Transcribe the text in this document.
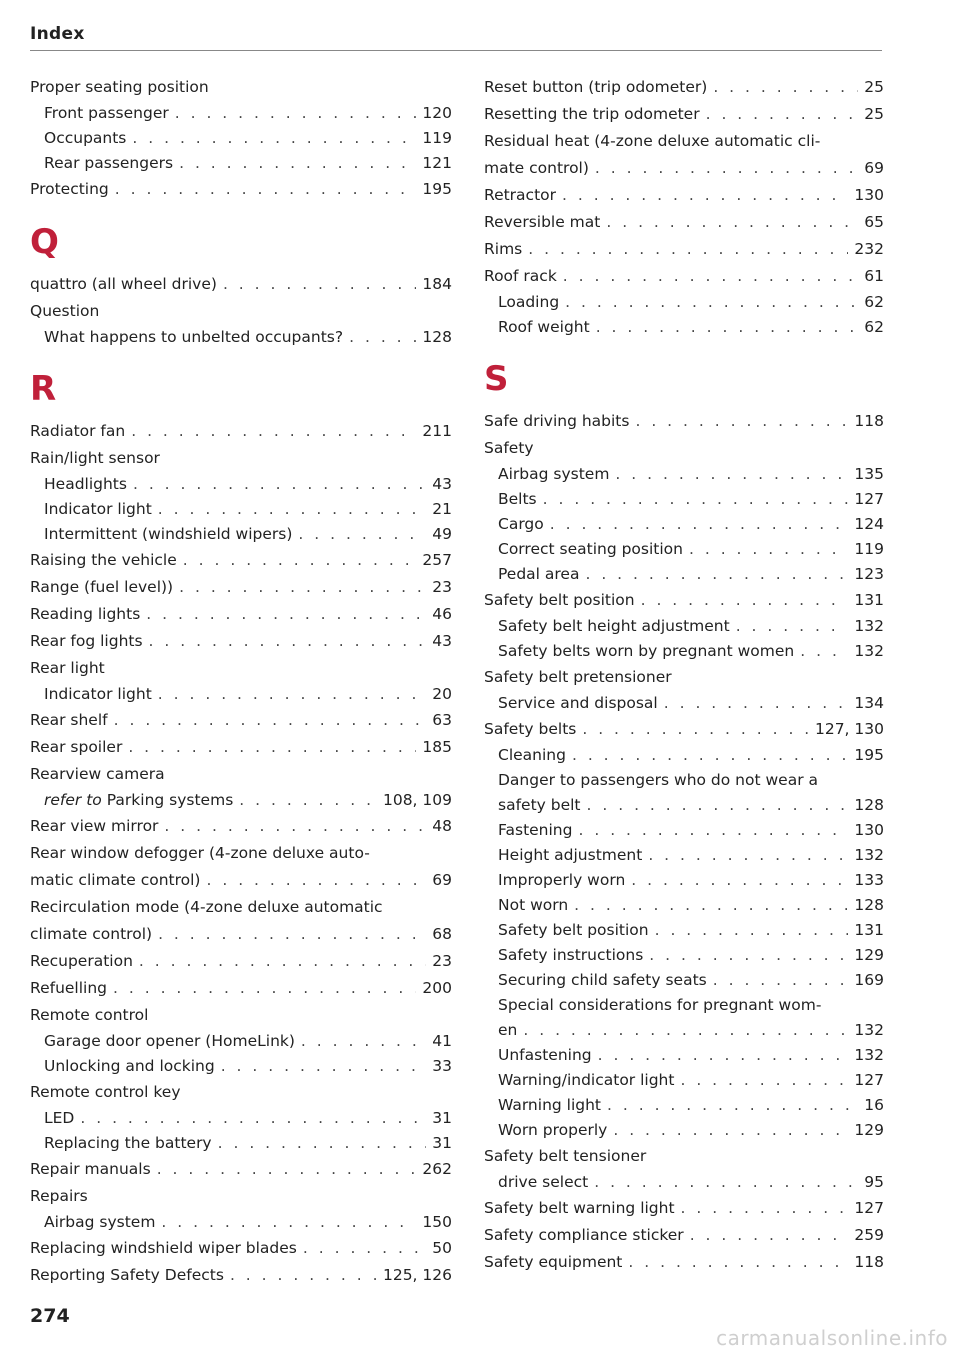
Index
Proper seating position
Front passenger . . .	120
Occupants . . .	119
Rear passengers . . .	121
Protecting . . .	195
Q
quattro (all wheel drive) . . .	184
Question
What happens to unbelted occupants? . . .	128
R
Radiator fan . . .	211
Rain/light sensor
Headlights . . .	43
Indicator light . . .	21
Intermittent (windshield wipers) . . .	49
Raising the vehicle . . .	257
Range (fuel level)) . . .	23
Reading lights . . .	46
Rear fog lights . . .	43
Rear light
Indicator light . . .	20
Rear shelf . . .	63
Rear spoiler . . .	185
Rearview camera
refer to Parking systems . . .	108, 109
Rear view mirror . . .	48
Rear window defogger (4-zone deluxe auto-
matic climate control) . . .	69
Recirculation mode (4-zone deluxe automatic
climate control) . . .	68
Recuperation . . .	23
Refuelling . . .	200
Remote control
Garage door opener (HomeLink) . . .	41
Unlocking and locking . . .	33
Remote control key
LED . . .	31
Replacing the battery . . .	31
Repair manuals . . .	262
Repairs
Airbag system . . .	150
Replacing windshield wiper blades . . .	50
Reporting Safety Defects . . .	125, 126
Reset button (trip odometer) . . .	25
Resetting the trip odometer . . .	25
Residual heat (4-zone deluxe automatic cli-
mate control) . . .	69
Retractor . . .	130
Reversible mat . . .	65
Rims . . .	232
Roof rack . . .	61
Loading . . .	62
Roof weight . . .	62
S
Safe driving habits . . .	118
Safety
Airbag system . . .	135
Belts . . .	127
Cargo . . .	124
Correct seating position . . .	119
Pedal area . . .	123
Safety belt position . . .	131
Safety belt height adjustment . . .	132
Safety belts worn by pregnant women . . .	132
Safety belt pretensioner
Service and disposal . . .	134
Safety belts . . .	127, 130
Cleaning . . .	195
Danger to passengers who do not wear a
safety belt . . .	128
Fastening . . .	130
Height adjustment . . .	132
Improperly worn . . .	133
Not worn . . .	128
Safety belt position . . .	131
Safety instructions . . .	129
Securing child safety seats . . .	169
Special considerations for pregnant wom-
en . . .	132
Unfastening . . .	132
Warning/indicator light . . .	127
Warning light . . .	16
Worn properly . . .	129
Safety belt tensioner
drive select . . .	95
Safety belt warning light . . .	127
Safety compliance sticker . . .	259
Safety equipment . . .	118
274
carmanualsonline.info
